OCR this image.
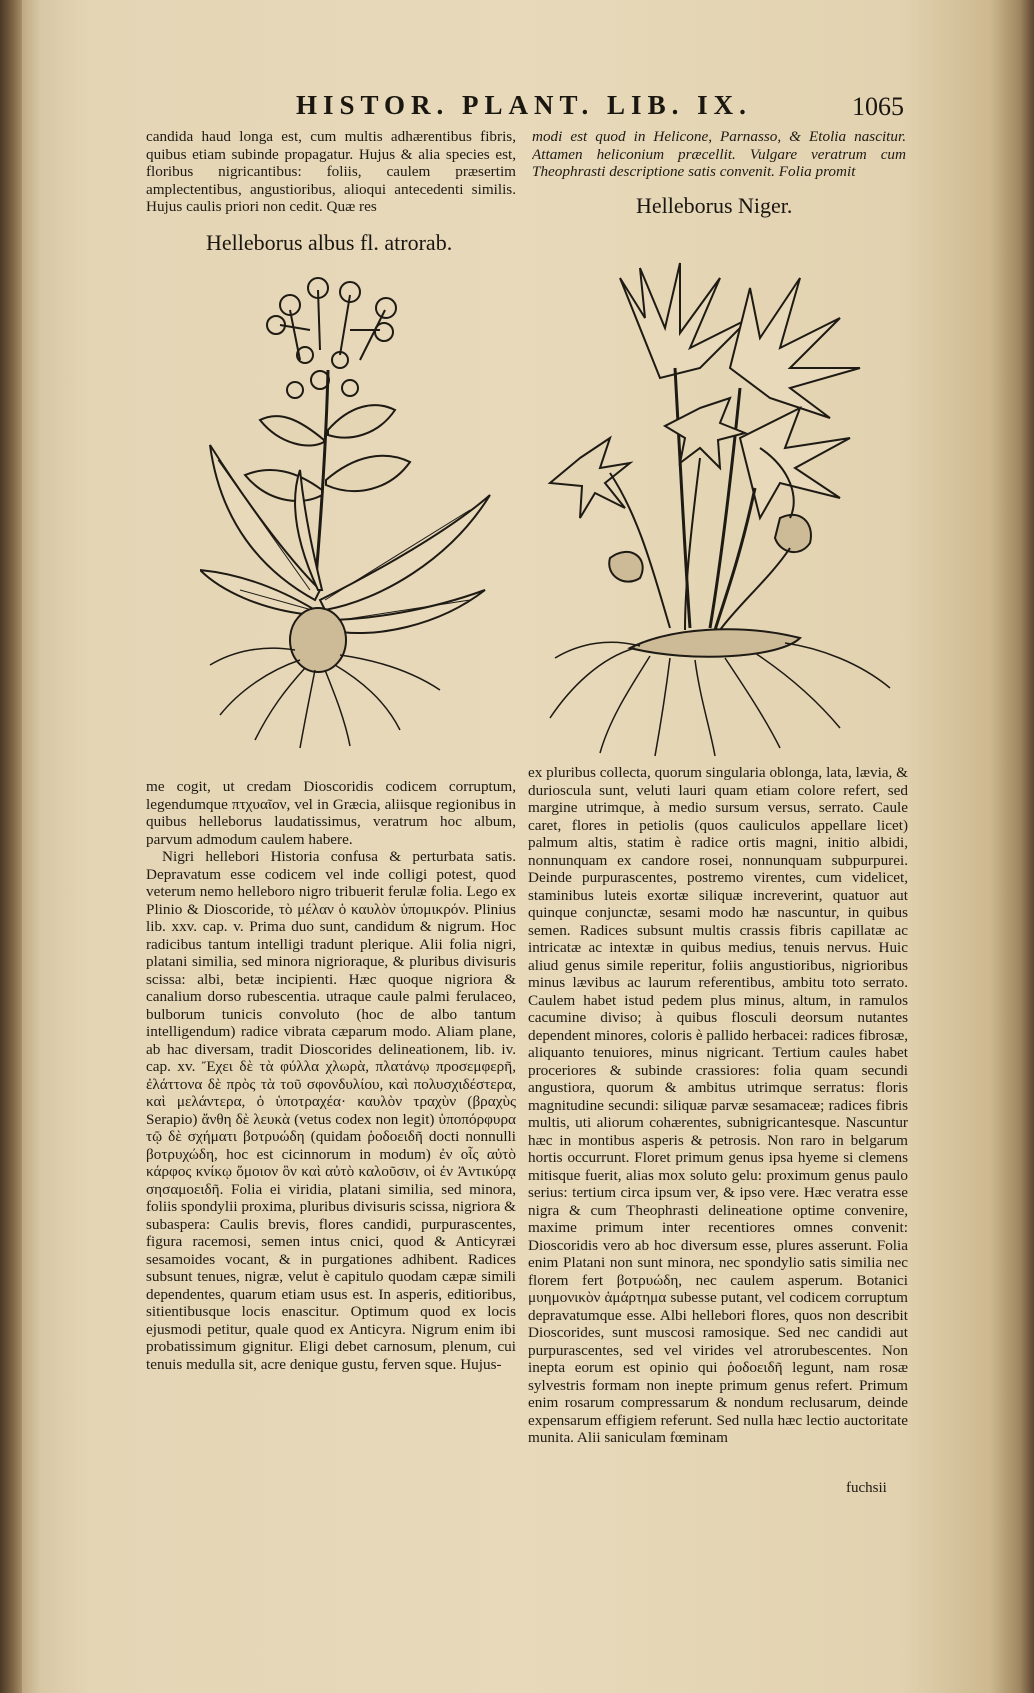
HISTOR. PLANT. LIB. IX.	1065

candida haud longa est, cum multis adhærentibus fibris, quibus etiam subinde propagatur. Hujus & alia species est, floribus nigricantibus: foliis, caulem præsertim amplectentibus, angustioribus, alioqui antecedenti similis. Hujus caulis priori non cedit. Quæ res

modi est quod in Helicone, Parnasso, & Etolia nascitur. Attamen heliconium præcellit. Vulgare veratrum cum Theophrasti descriptione satis convenit. Folia promit

Helleborus albus fl. atrorab.
Helleborus Niger.

me cogit, ut credam Dioscoridis codicem corruptum, legendumque πτχυαῖον, vel in Græcia, aliisque regionibus in quibus helleborus laudatissimus, veratrum hoc album, parvum admodum caulem habere.

Nigri hellebori Historia confusa & perturbata satis. Depravatum esse codicem vel inde colligi potest, quod veterum nemo helleboro nigro tribuerit ferulæ folia. Lego ex Plinio & Dioscoride, τὸ μέλαν ὁ καυλὸν ὑπομικρόν. Plinius lib. xxv. cap. v. Prima duo sunt, candidum & nigrum. Hoc radicibus tantum intelligi tradunt plerique. Alii folia nigri, platani similia, sed minora nigrioraque, & pluribus divisuris scissa: albi, betæ incipienti. Hæc quoque nigriora & canalium dorso rubescentia. utraque caule palmi ferulaceo, bulborum tunicis convoluto (hoc de albo tantum intelligendum) radice vibrata cæparum modo. Aliam plane, ab hac diversam, tradit Dioscorides delineationem, lib. iv. cap. xv. Ἔχει δὲ τὰ φύλλα χλωρὰ, πλατάνῳ προσεμφερῆ, ἐλάττονα δὲ πρὸς τὰ τοῦ σφονδυλίου, καὶ πολυσχιδέστερα, καὶ μελάντερα, ὁ ὑποτραχέα· καυλὸν τραχὺν (βραχὺς Serapio) ἄνθη δὲ λευκὰ (vetus codex non legit) ὑποπόρφυρα τῷ δὲ σχήματι βοτρυώδη (quidam ῥοδοειδῆ docti nonnulli βοτρυχώδη, hoc est cicinnorum in modum) ἐν οἷς αὐτὸ κάρφος κνίκῳ ὅμοιον ὃν καὶ αὐτὸ καλοῦσιν, οἱ ἐν Ἀντικύρᾳ σησαμοειδῆ. Folia ei viridia, platani similia, sed minora, foliis spondylii proxima, pluribus divisuris scissa, nigriora & subaspera: Caulis brevis, flores candidi, purpurascentes, figura racemosi, semen intus cnici, quod & Anticyræi sesamoides vocant, & in purgationes adhibent. Radices subsunt tenues, nigræ, velut è capitulo quodam cæpæ simili dependentes, quarum etiam usus est. In asperis, editioribus, sitientibusque locis enascitur. Optimum quod ex locis ejusmodi petitur, quale quod ex Anticyra. Nigrum enim ibi probatissimum gignitur. Eligi debet carnosum, plenum, cui tenuis medulla sit, acre denique gustu, ferven sque. Hujus-

ex pluribus collecta, quorum singularia oblonga, lata, lævia, & durioscula sunt, veluti lauri quam etiam colore refert, sed margine utrimque, à medio sursum versus, serrato. Caule caret, flores in petiolis (quos cauliculos appellare licet) palmum altis, statim è radice ortis magni, initio albidi, nonnunquam ex candore rosei, nonnunquam subpurpurei. Deinde purpurascentes, postremo virentes, cum videlicet, staminibus luteis exortæ siliquæ increverint, quatuor aut quinque conjunctæ, sesami modo hæ nascuntur, in quibus semen. Radices subsunt multis crassis fibris capillatæ ac intricatæ ac intextæ in quibus medius, tenuis nervus. Huic aliud genus simile reperitur, foliis angustioribus, nigrioribus minus lævibus ac laurum referentibus, ambitu toto serrato. Caulem habet istud pedem plus minus, altum, in ramulos cacumine diviso; à quibus flosculi deorsum nutantes dependent minores, coloris è pallido herbacei: radices fibrosæ, aliquanto tenuiores, minus nigricant. Tertium caules habet proceriores & subinde crassiores: folia quam secundi angustiora, quorum & ambitus utrimque serratus: floris magnitudine secundi: siliquæ parvæ sesamaceæ; radices fibris multis, uti aliorum cohærentes, subnigricantesque. Nascuntur hæc in montibus asperis & petrosis. Non raro in belgarum hortis occurrunt. Floret primum genus ipsa hyeme si clemens mitisque fuerit, alias mox soluto gelu: proximum genus paulo serius: tertium circa ipsum ver, & ipso vere. Hæc veratra esse nigra & cum Theophrasti delineatione optime convenire, maxime primum inter recentiores omnes convenit: Dioscoridis vero ab hoc diversum esse, plures asserunt. Folia enim Platani non sunt minora, nec spondylio satis similia nec florem fert βοτρυώδη, nec caulem asperum. Botanici μυημονικὸν ἁμάρτημα subesse putant, vel codicem corruptum depravatumque esse. Albi hellebori flores, quos non describit Dioscorides, sunt muscosi ramosique. Sed nec candidi aut purpurascentes, sed vel virides vel atrorubescentes. Non inepta eorum est opinio qui ῥοδοειδῆ legunt, nam rosæ sylvestris formam non inepte primum genus refert. Primum enim rosarum compressarum & nondum reclusarum, deinde expensarum effigiem referunt. Sed nulla hæc lectio auctoritate munita. Alii saniculam fœminam

fuchsii
